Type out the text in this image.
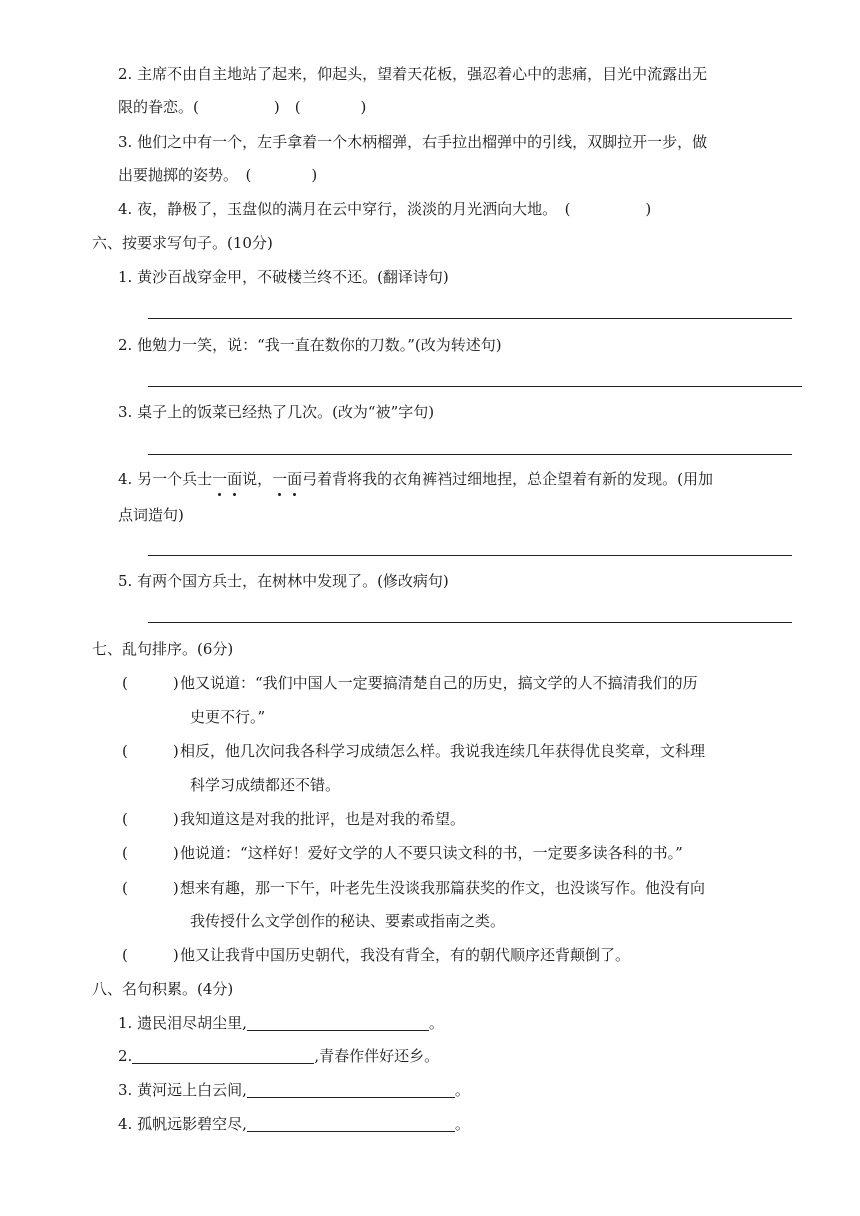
2. 主席不由自主地站了起来，仰起头，望着天花板，强忍着心中的悲痛，目光中流露出无
限的眷恋。(　　　　　)　(　　　　)
3. 他们之中有一个，左手拿着一个木柄榴弹，右手拉出榴弹中的引线，双脚拉开一步，做
出要抛掷的姿势。　(　　　　)
4. 夜，静极了，玉盘似的满月在云中穿行，淡淡的月光洒向大地。　(　　　　　)
六、按要求写句子。(10分)
1. 黄沙百战穿金甲，不破楼兰终不还。(翻译诗句)
2. 他勉力一笑，说：“我一直在数你的刀数。”(改为转述句)
3. 桌子上的饭菜已经热了几次。(改为“被”字句)
4. 另一个兵士一面说，一面弓着背将我的衣角裤裆过细地捏，总企望着有新的发现。(用加
点词造句)
5. 有两个国方兵士，在树林中发现了。(修改病句)
七、乱句排序。(6分)
(　　　) 他又说道：“我们中国人一定要搞清楚自己的历史，搞文学的人不搞清我们的历
史更不行。”
(　　　) 相反，他几次问我各科学习成绩怎么样。我说我连续几年获得优良奖章，文科理
科学习成绩都还不错。
(　　　) 我知道这是对我的批评，也是对我的希望。
(　　　) 他说道：“这样好！爱好文学的人不要只读文科的书，一定要多读各科的书。”
(　　　) 想来有趣，那一下午，叶老先生没谈我那篇获奖的作文，也没谈写作。他没有向
我传授什么文学创作的秘诀、要素或指南之类。
(　　　) 他又让我背中国历史朝代，我没有背全，有的朝代顺序还背颠倒了。
八、名句积累。(4分)
1. 遗民泪尽胡尘里,	。
2.	,青春作伴好还乡。
3. 黄河远上白云间,	。
4. 孤帆远影碧空尽,	。
